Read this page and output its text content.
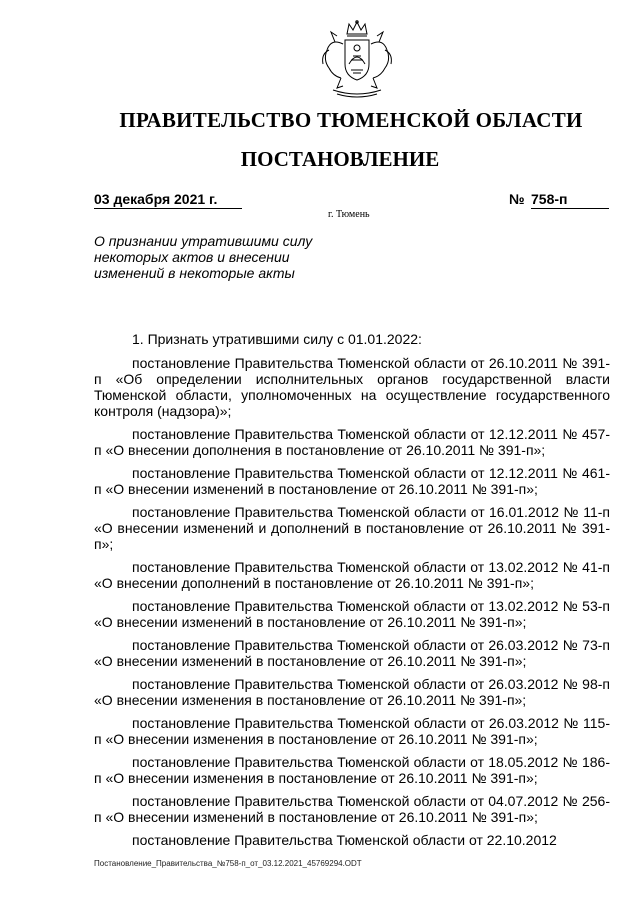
ПРАВИТЕЛЬСТВО ТЮМЕНСКОЙ ОБЛАСТИ
ПОСТАНОВЛЕНИЕ
03 декабря 2021 г.	№ 758-п
г. Тюмень
О признании утратившими силу некоторых актов и внесении изменений в некоторые акты

1. Признать утратившими силу с 01.01.2022:

постановление Правительства Тюменской области от 26.10.2011 № 391-п «Об определении исполнительных органов государственной власти Тюменской области, уполномоченных на осуществление государственного контроля (надзора)»;

постановление Правительства Тюменской области от 12.12.2011 № 457-п «О внесении дополнения в постановление от 26.10.2011 № 391-п»;

постановление Правительства Тюменской области от 12.12.2011 № 461-п «О внесении изменений в постановление от 26.10.2011 № 391-п»;

постановление Правительства Тюменской области от 16.01.2012 № 11-п «О внесении изменений и дополнений в постановление от 26.10.2011 № 391-п»;

постановление Правительства Тюменской области от 13.02.2012 № 41-п «О внесении дополнений в постановление от 26.10.2011 № 391-п»;

постановление Правительства Тюменской области от 13.02.2012 № 53-п «О внесении изменений в постановление от 26.10.2011 № 391-п»;

постановление Правительства Тюменской области от 26.03.2012 № 73-п «О внесении изменений в постановление от 26.10.2011 № 391-п»;

постановление Правительства Тюменской области от 26.03.2012 № 98-п «О внесении изменения в постановление от 26.10.2011 № 391-п»;

постановление Правительства Тюменской области от 26.03.2012 № 115-п «О внесении изменения в постановление от 26.10.2011 № 391-п»;

постановление Правительства Тюменской области от 18.05.2012 № 186-п «О внесении изменения в постановление от 26.10.2011 № 391-п»;

постановление Правительства Тюменской области от 04.07.2012 № 256-п «О внесении изменений в постановление от 26.10.2011 № 391-п»;

постановление Правительства Тюменской области от 22.10.2012

Постановление_Правительства_№758-п_от_03.12.2021_45769294.ODT
